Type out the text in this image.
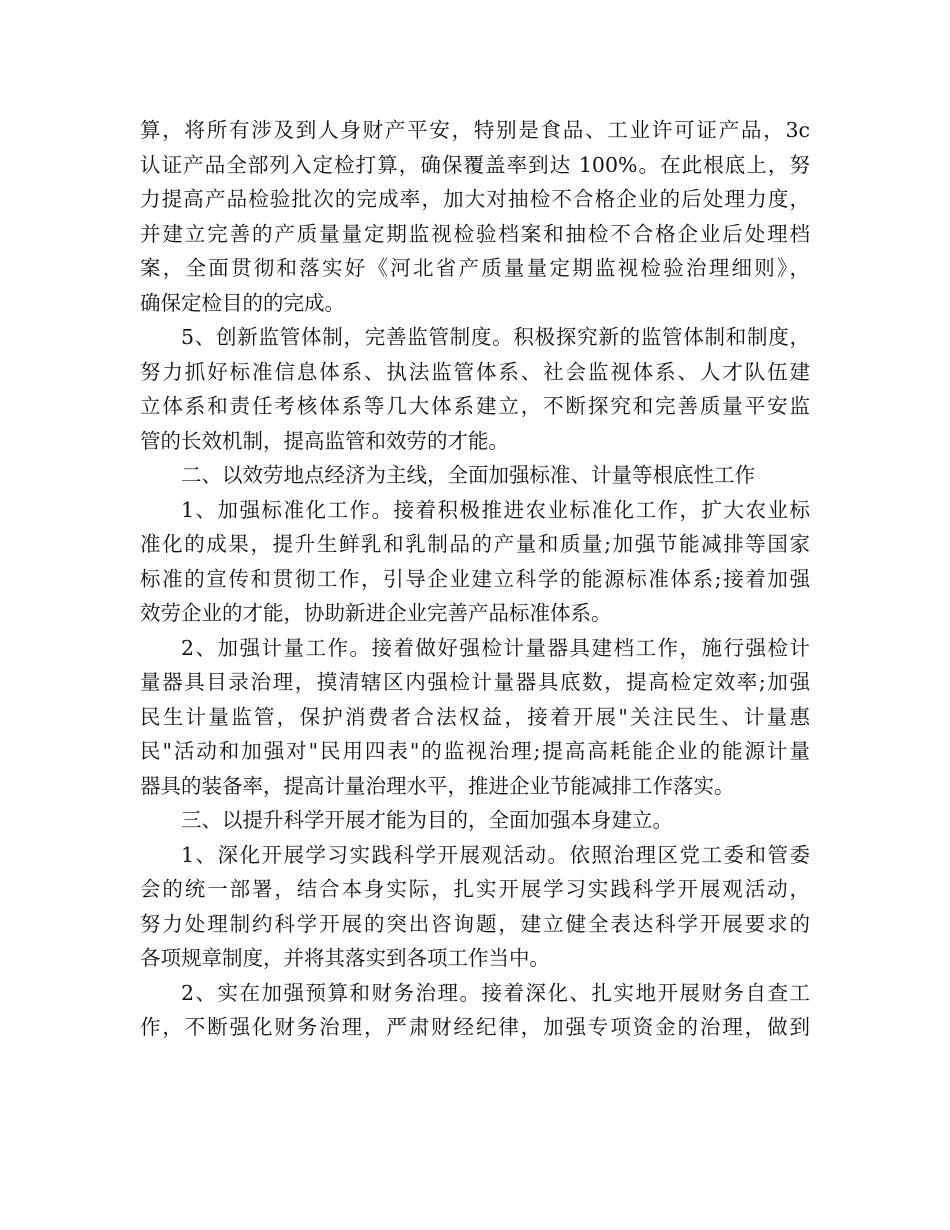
算，将所有涉及到人身财产平安，特别是食品、工业许可证产品，3c
认证产品全部列入定检打算，确保覆盖率到达 100%。在此根底上，努
力提高产品检验批次的完成率，加大对抽检不合格企业的后处理力度，
并建立完善的产质量量定期监视检验档案和抽检不合格企业后处理档
案，全面贯彻和落实好《河北省产质量量定期监视检验治理细则》，
确保定检目的的完成。
5、创新监管体制，完善监管制度。积极探究新的监管体制和制度，
努力抓好标准信息体系、执法监管体系、社会监视体系、人才队伍建
立体系和责任考核体系等几大体系建立，不断探究和完善质量平安监
管的长效机制，提高监管和效劳的才能。
二、以效劳地点经济为主线，全面加强标准、计量等根底性工作
1、加强标准化工作。接着积极推进农业标准化工作，扩大农业标
准化的成果，提升生鲜乳和乳制品的产量和质量;加强节能减排等国家
标准的宣传和贯彻工作，引导企业建立科学的能源标准体系;接着加强
效劳企业的才能，协助新进企业完善产品标准体系。
2、加强计量工作。接着做好强检计量器具建档工作，施行强检计
量器具目录治理，摸清辖区内强检计量器具底数，提高检定效率;加强
民生计量监管，保护消费者合法权益，接着开展"关注民生、计量惠
民"活动和加强对"民用四表"的监视治理;提高高耗能企业的能源计量
器具的装备率，提高计量治理水平，推进企业节能减排工作落实。
三、以提升科学开展才能为目的，全面加强本身建立。
1、深化开展学习实践科学开展观活动。依照治理区党工委和管委
会的统一部署，结合本身实际，扎实开展学习实践科学开展观活动，
努力处理制约科学开展的突出咨询题，建立健全表达科学开展要求的
各项规章制度，并将其落实到各项工作当中。
2、实在加强预算和财务治理。接着深化、扎实地开展财务自查工
作，不断强化财务治理，严肃财经纪律，加强专项资金的治理，做到
